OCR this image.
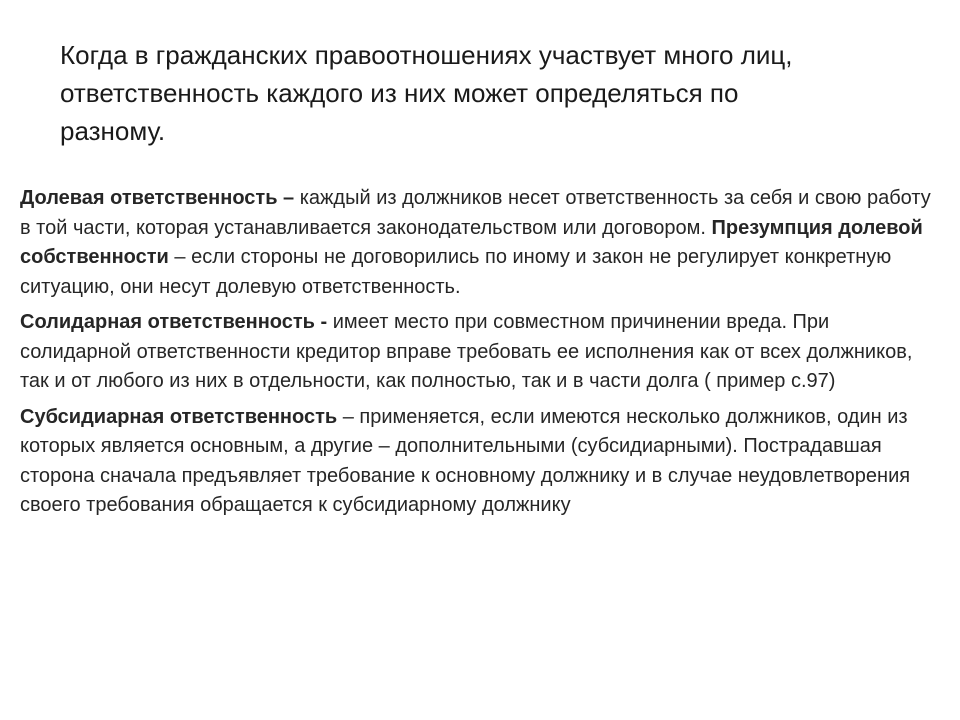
Когда в гражданских правоотношениях участвует много лиц,
ответственность каждого из них может определяться по
разному.

Долевая ответственность – каждый из должников несет ответственность за себя и свою работу в той части, которая устанавливается законодательством или договором. Презумпция долевой собственности – если стороны не договорились по иному и закон не регулирует конкретную ситуацию, они несут долевую ответственность.

Солидарная ответственность - имеет место при совместном причинении вреда. При солидарной ответственности кредитор вправе требовать ее исполнения как от всех должников, так и от любого из них в отдельности, как полностью, так и в части долга ( пример с.97)

Субсидиарная ответственность – применяется, если имеются несколько должников, один из которых является основным, а другие – дополнительными (субсидиарными). Пострадавшая сторона сначала предъявляет требование к основному должнику и в случае неудовлетворения своего требования обращается к субсидиарному должнику
